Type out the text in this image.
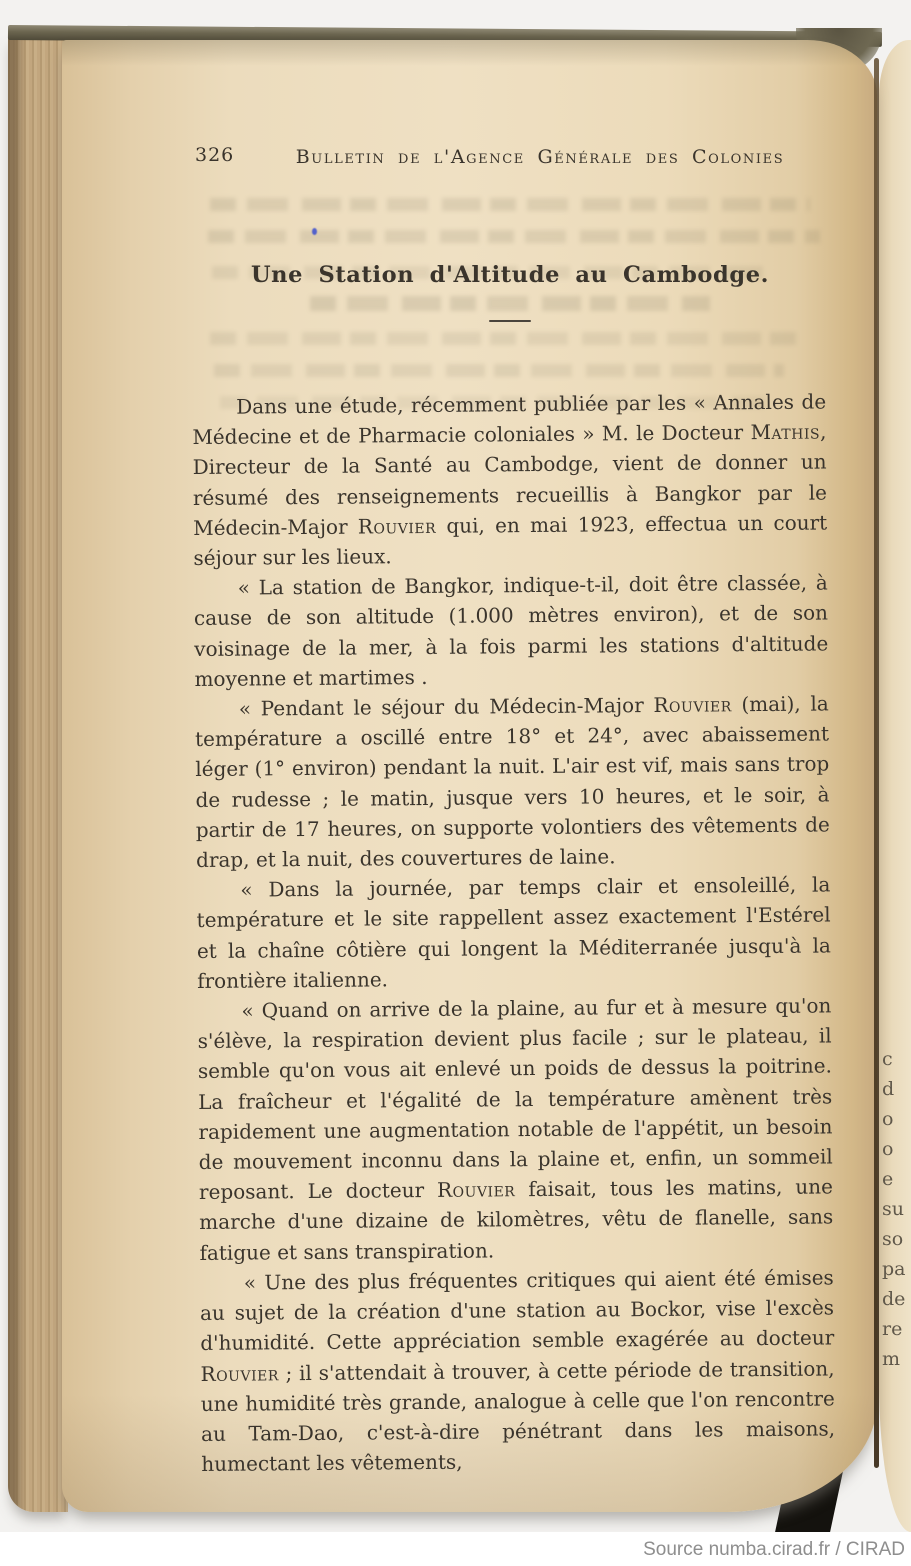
c
d
o
o
e
su
so
pa
de
re
m
326	Bulletin de l'Agence Générale des Colonies
Une Station d'Altitude au Cambodge.

Dans une étude, récemment publiée par les « Annales de Médecine et de Pharmacie coloniales » M. le Docteur Mathis, Directeur de la Santé au Cambodge, vient de donner un résumé des renseignements recueillis à Bangkor par le Médecin-Major Rouvier qui, en mai 1923, effectua un court séjour sur les lieux.

« La station de Bangkor, indique-t-il, doit être classée, à cause de son altitude (1.000 mètres environ), et de son voisinage de la mer, à la fois parmi les stations d'altitude moyenne et martimes .

« Pendant le séjour du Médecin-Major Rouvier (mai), la température a oscillé entre 18° et 24°, avec abaissement léger (1° environ) pendant la nuit. L'air est vif, mais sans trop de rudesse ; le matin, jusque vers 10 heures, et le soir, à partir de 17 heures, on supporte volontiers des vêtements de drap, et la nuit, des couvertures de laine.

« Dans la journée, par temps clair et ensoleillé, la température et le site rappellent assez exactement l'Estérel et la chaîne côtière qui longent la Méditerranée jusqu'à la frontière italienne.

« Quand on arrive de la plaine, au fur et à mesure qu'on s'élève, la respiration devient plus facile ; sur le plateau, il semble qu'on vous ait enlevé un poids de dessus la poitrine. La fraîcheur et l'égalité de la température amènent très rapidement une augmentation notable de l'appétit, un besoin de mouvement inconnu dans la plaine et, enfin, un sommeil reposant. Le docteur Rouvier faisait, tous les matins, une marche d'une dizaine de kilomètres, vêtu de flanelle, sans fatigue et sans transpiration.

« Une des plus fréquentes critiques qui aient été émises au sujet de la création d'une station au Bockor, vise l'excès d'humidité. Cette appréciation semble exagérée au docteur Rouvier ; il s'attendait à trouver, à cette période de transition, une humidité très grande, analogue à celle que l'on rencontre au Tam-Dao, c'est-à-dire pénétrant dans les maisons, humectant les vêtements,

Source numba.cirad.fr / CIRAD
